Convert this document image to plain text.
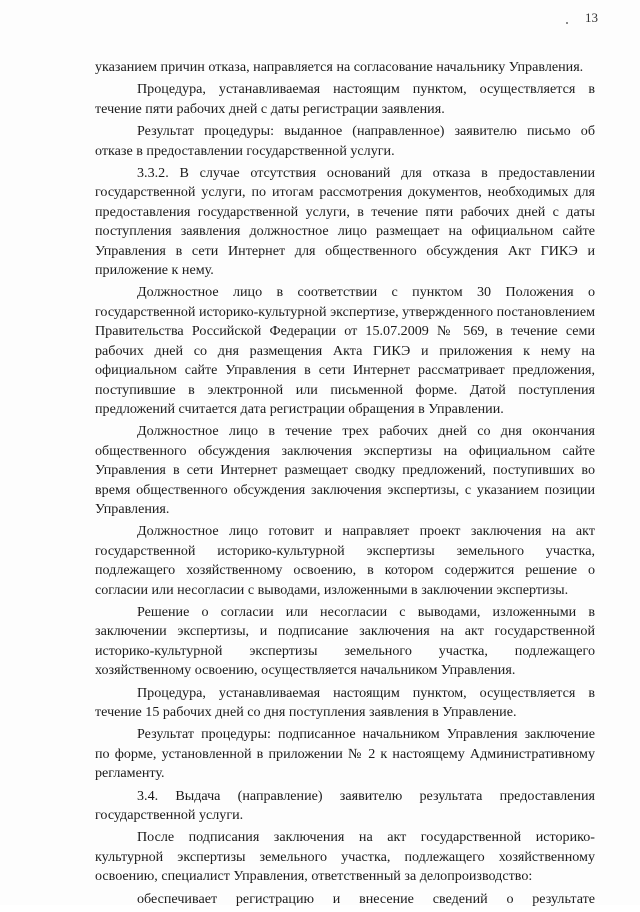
13

указанием причин отказа, направляется на согласование начальнику Управления.

Процедура, устанавливаемая настоящим пунктом, осуществляется в течение пяти рабочих дней с даты регистрации заявления.

Результат процедуры: выданное (направленное) заявителю письмо об отказе в предоставлении государственной услуги.

3.3.2. В случае отсутствия оснований для отказа в предоставлении государственной услуги, по итогам рассмотрения документов, необходимых для предоставления государственной услуги, в течение пяти рабочих дней с даты поступления заявления должностное лицо размещает на официальном сайте Управления в сети Интернет для общественного обсуждения Акт ГИКЭ и приложение к нему.

Должностное лицо в соответствии с пунктом 30 Положения о государственной историко-культурной экспертизе, утвержденного постановлением Правительства Российской Федерации от 15.07.2009 № 569, в течение семи рабочих дней со дня размещения Акта ГИКЭ и приложения к нему на официальном сайте Управления в сети Интернет рассматривает предложения, поступившие в электронной или письменной форме. Датой поступления предложений считается дата регистрации обращения в Управлении.

Должностное лицо в течение трех рабочих дней со дня окончания общественного обсуждения заключения экспертизы на официальном сайте Управления в сети Интернет размещает сводку предложений, поступивших во время общественного обсуждения заключения экспертизы, с указанием позиции Управления.

Должностное лицо готовит и направляет проект заключения на акт государственной историко-культурной экспертизы земельного участка, подлежащего хозяйственному освоению, в котором содержится решение о согласии или несогласии с выводами, изложенными в заключении экспертизы.

Решение о согласии или несогласии с выводами, изложенными в заключении экспертизы, и подписание заключения на акт государственной историко-культурной экспертизы земельного участка, подлежащего хозяйственному освоению, осуществляется начальником Управления.

Процедура, устанавливаемая настоящим пунктом, осуществляется в течение 15 рабочих дней со дня поступления заявления в Управление.

Результат процедуры: подписанное начальником Управления заключение по форме, установленной в приложении № 2 к настоящему Административному регламенту.

3.4. Выдача (направление) заявителю результата предоставления государственной услуги.

После подписания заключения на акт государственной историко-культурной экспертизы земельного участка, подлежащего хозяйственному освоению, специалист Управления, ответственный за делопроизводство:

обеспечивает регистрацию и внесение сведений о результате
